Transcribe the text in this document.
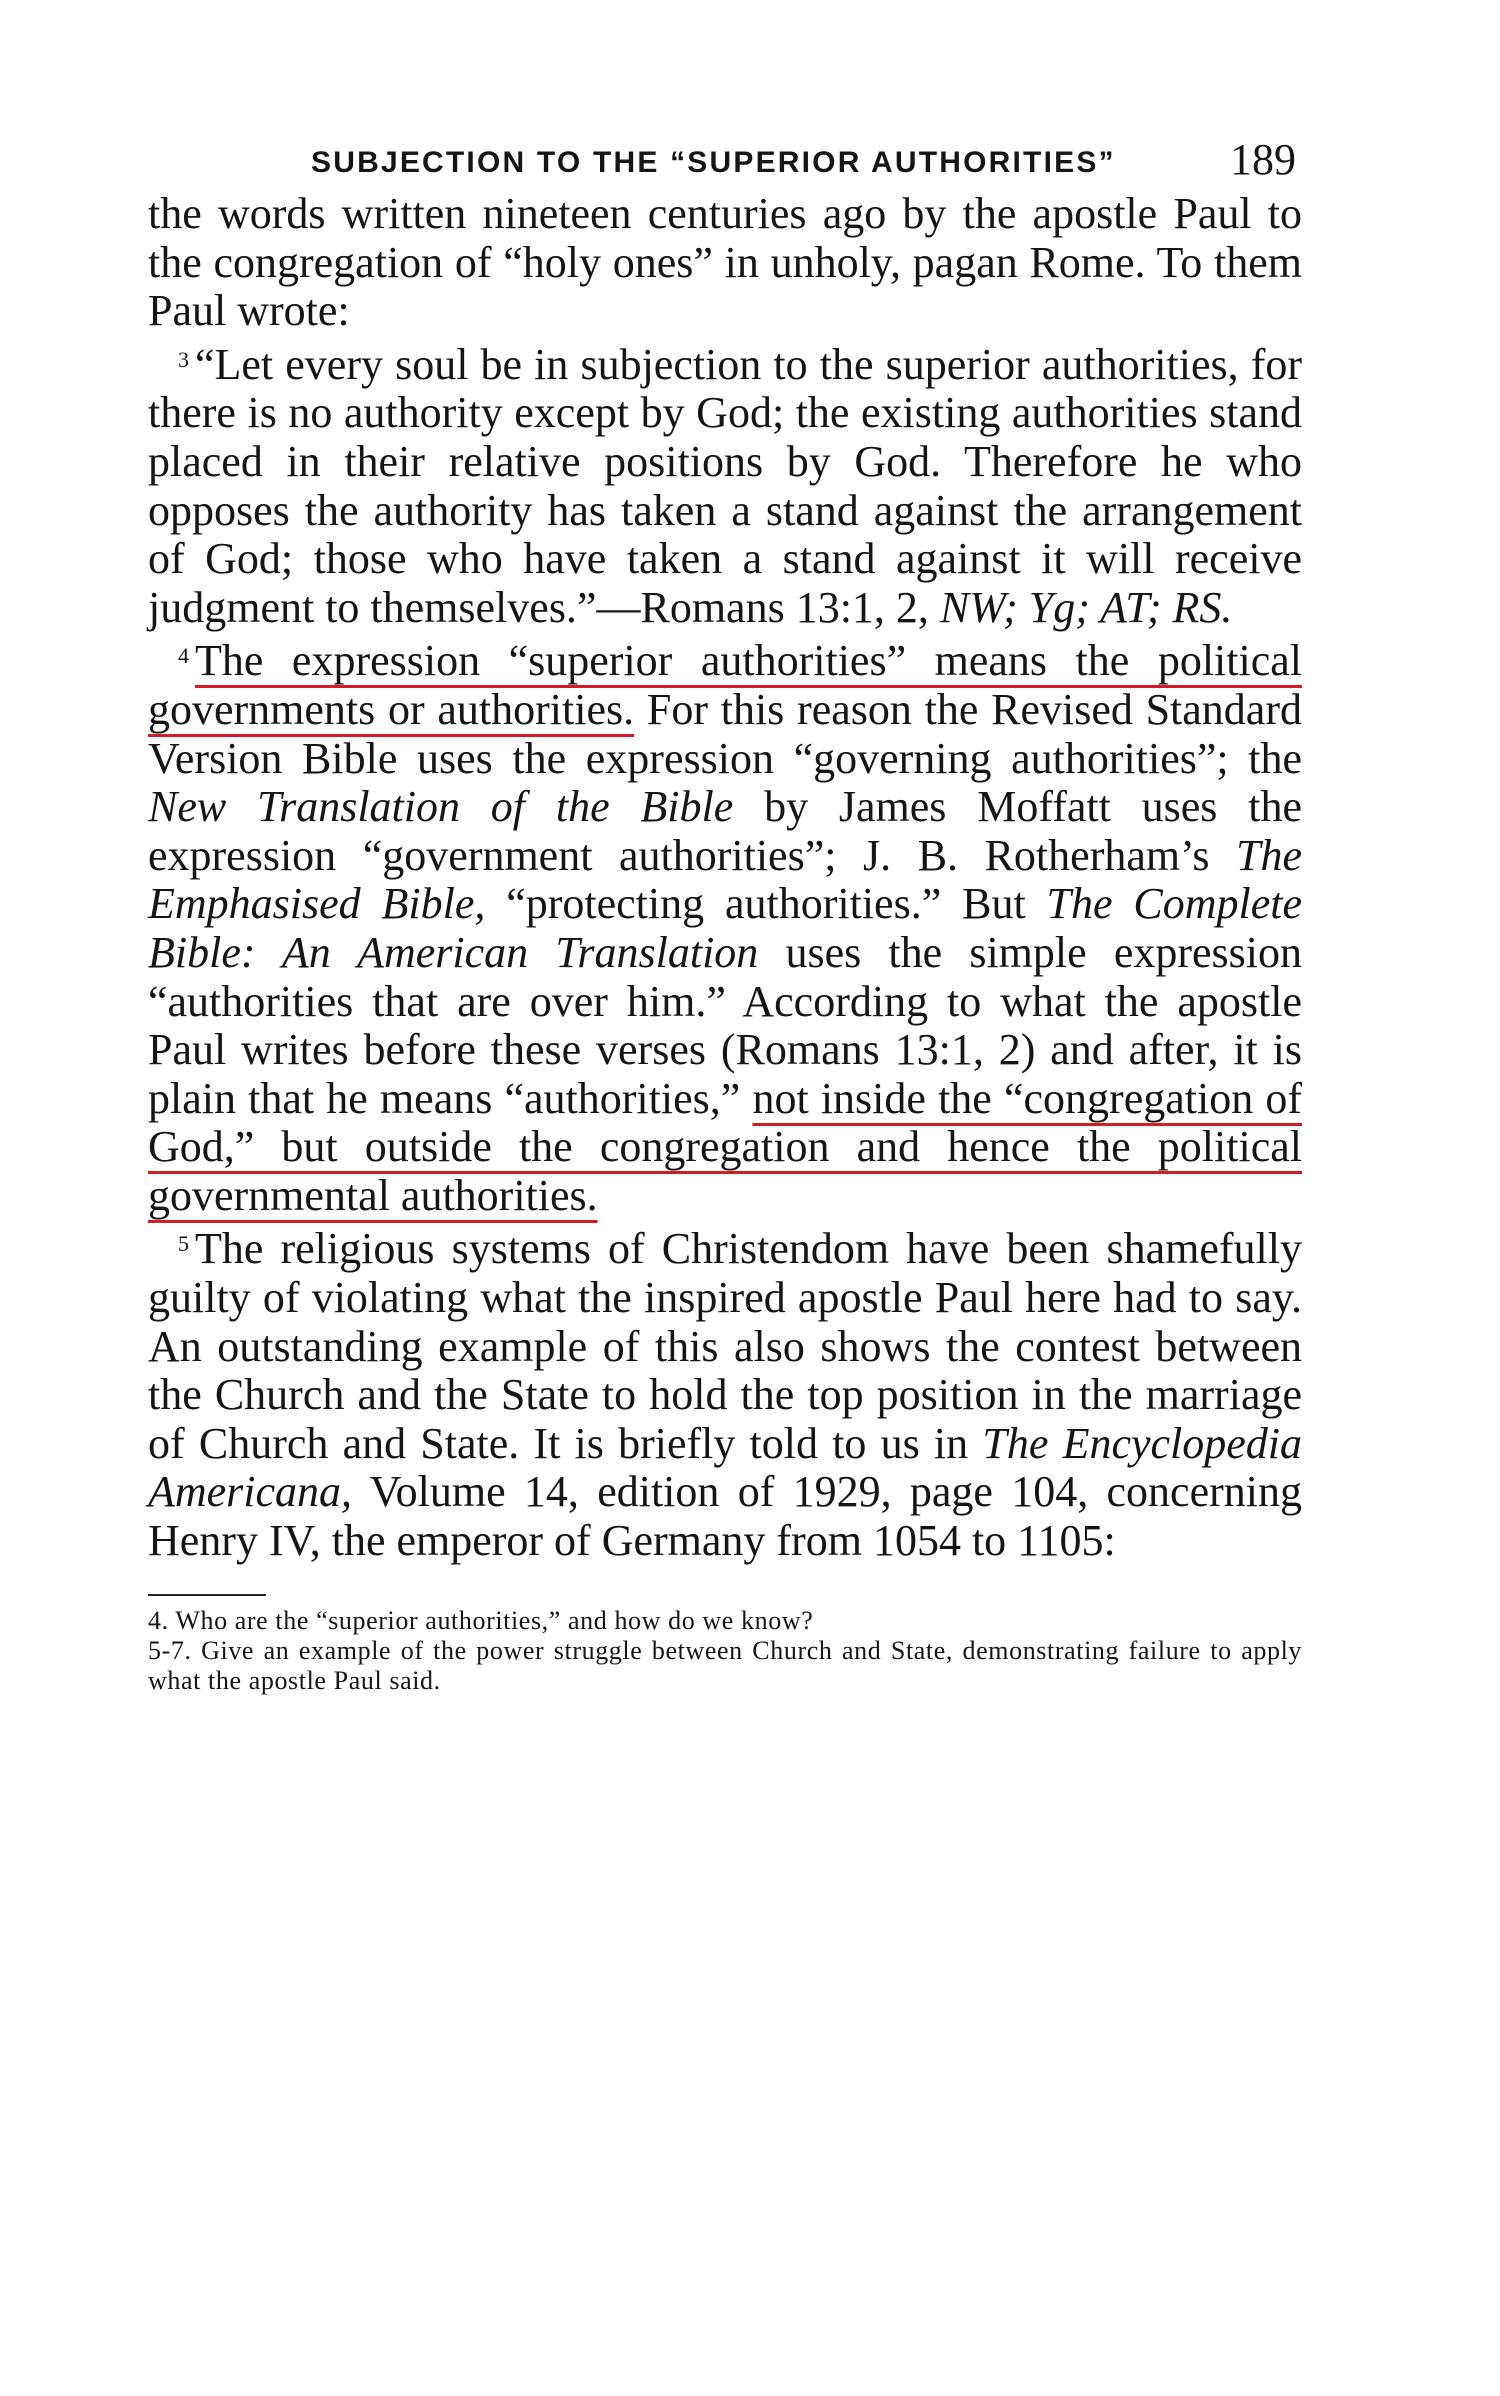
SUBJECTION TO THE “SUPERIOR AUTHORITIES”	189

the words written nineteen centuries ago by the apostle Paul to the congregation of “holy ones” in unholy, pagan Rome. To them Paul wrote:

$^3$ “Let every soul be in subjection to the superior authorities, for there is no authority except by God; the existing authorities stand placed in their relative positions by God. Therefore he who opposes the authority has taken a stand against the arrangement of God; those who have taken a stand against it will receive judgment to themselves.”—Romans 13:1, 2, NW; Yg; AT; RS.

$^4$ The expression “superior authorities” means the political governments or authorities. For this reason the Revised Standard Version Bible uses the expression “governing authorities”; the New Translation of the Bible by James Moffatt uses the expression “government authorities”; J. B. Rotherham’s The Emphasised Bible, “protecting authorities.” But The Complete Bible: An American Translation uses the simple expression “authorities that are over him.” According to what the apostle Paul writes before these verses (Romans 13:1, 2) and after, it is plain that he means “authorities,” not inside the “congregation of God,” but outside the congregation and hence the political governmental authorities.

$^5$ The religious systems of Christendom have been shamefully guilty of violating what the inspired apostle Paul here had to say. An outstanding example of this also shows the contest between the Church and the State to hold the top position in the marriage of Church and State. It is briefly told to us in The Encyclopedia Americana, Volume 14, edition of 1929, page 104, concerning Henry IV, the emperor of Germany from 1054 to 1105:

4. Who are the “superior authorities,” and how do we know?

5-7. Give an example of the power struggle between Church and State, demonstrating failure to apply what the apostle Paul said.
